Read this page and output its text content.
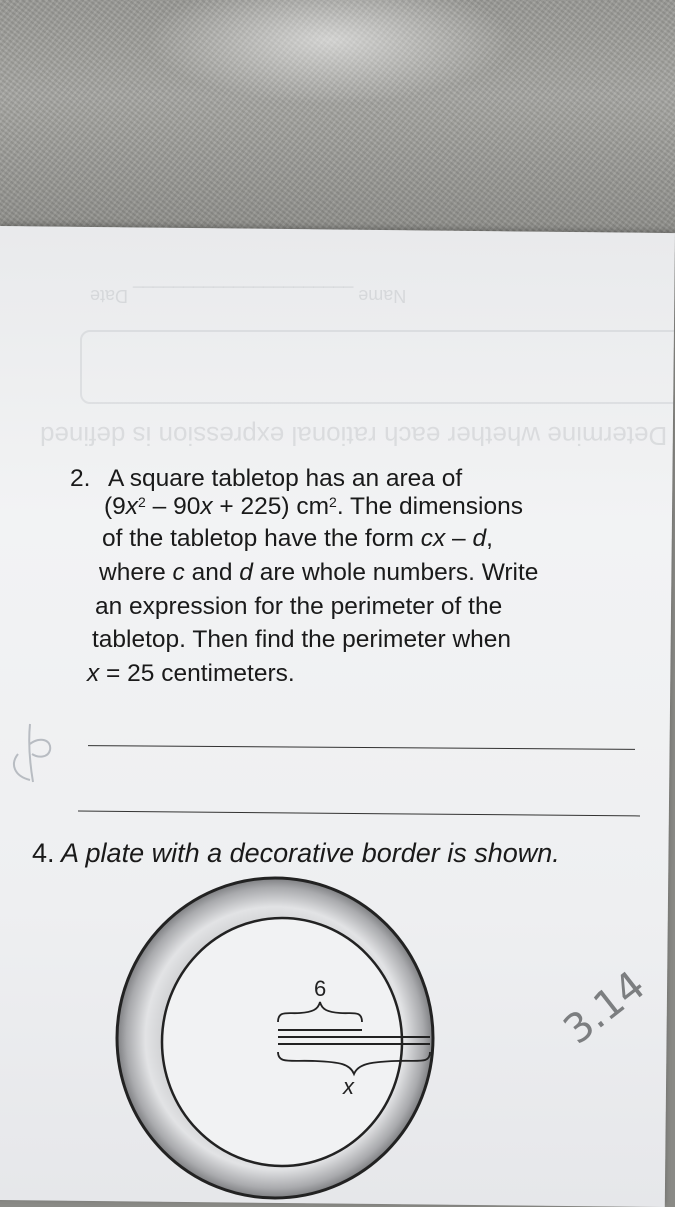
Determine whether each rational expression is defined
Name ______________________ Date
2. A square tabletop has an area of
$(9x^2 - 90x + 225)$ $cm^2$. The dimensions
of the tabletop have the form cx – d,
where c and d are whole numbers. Write
an expression for the perimeter of the
tabletop. Then find the perimeter when
x = 25 centimeters.
4. A plate with a decorative border is shown.
6
x
3.14
